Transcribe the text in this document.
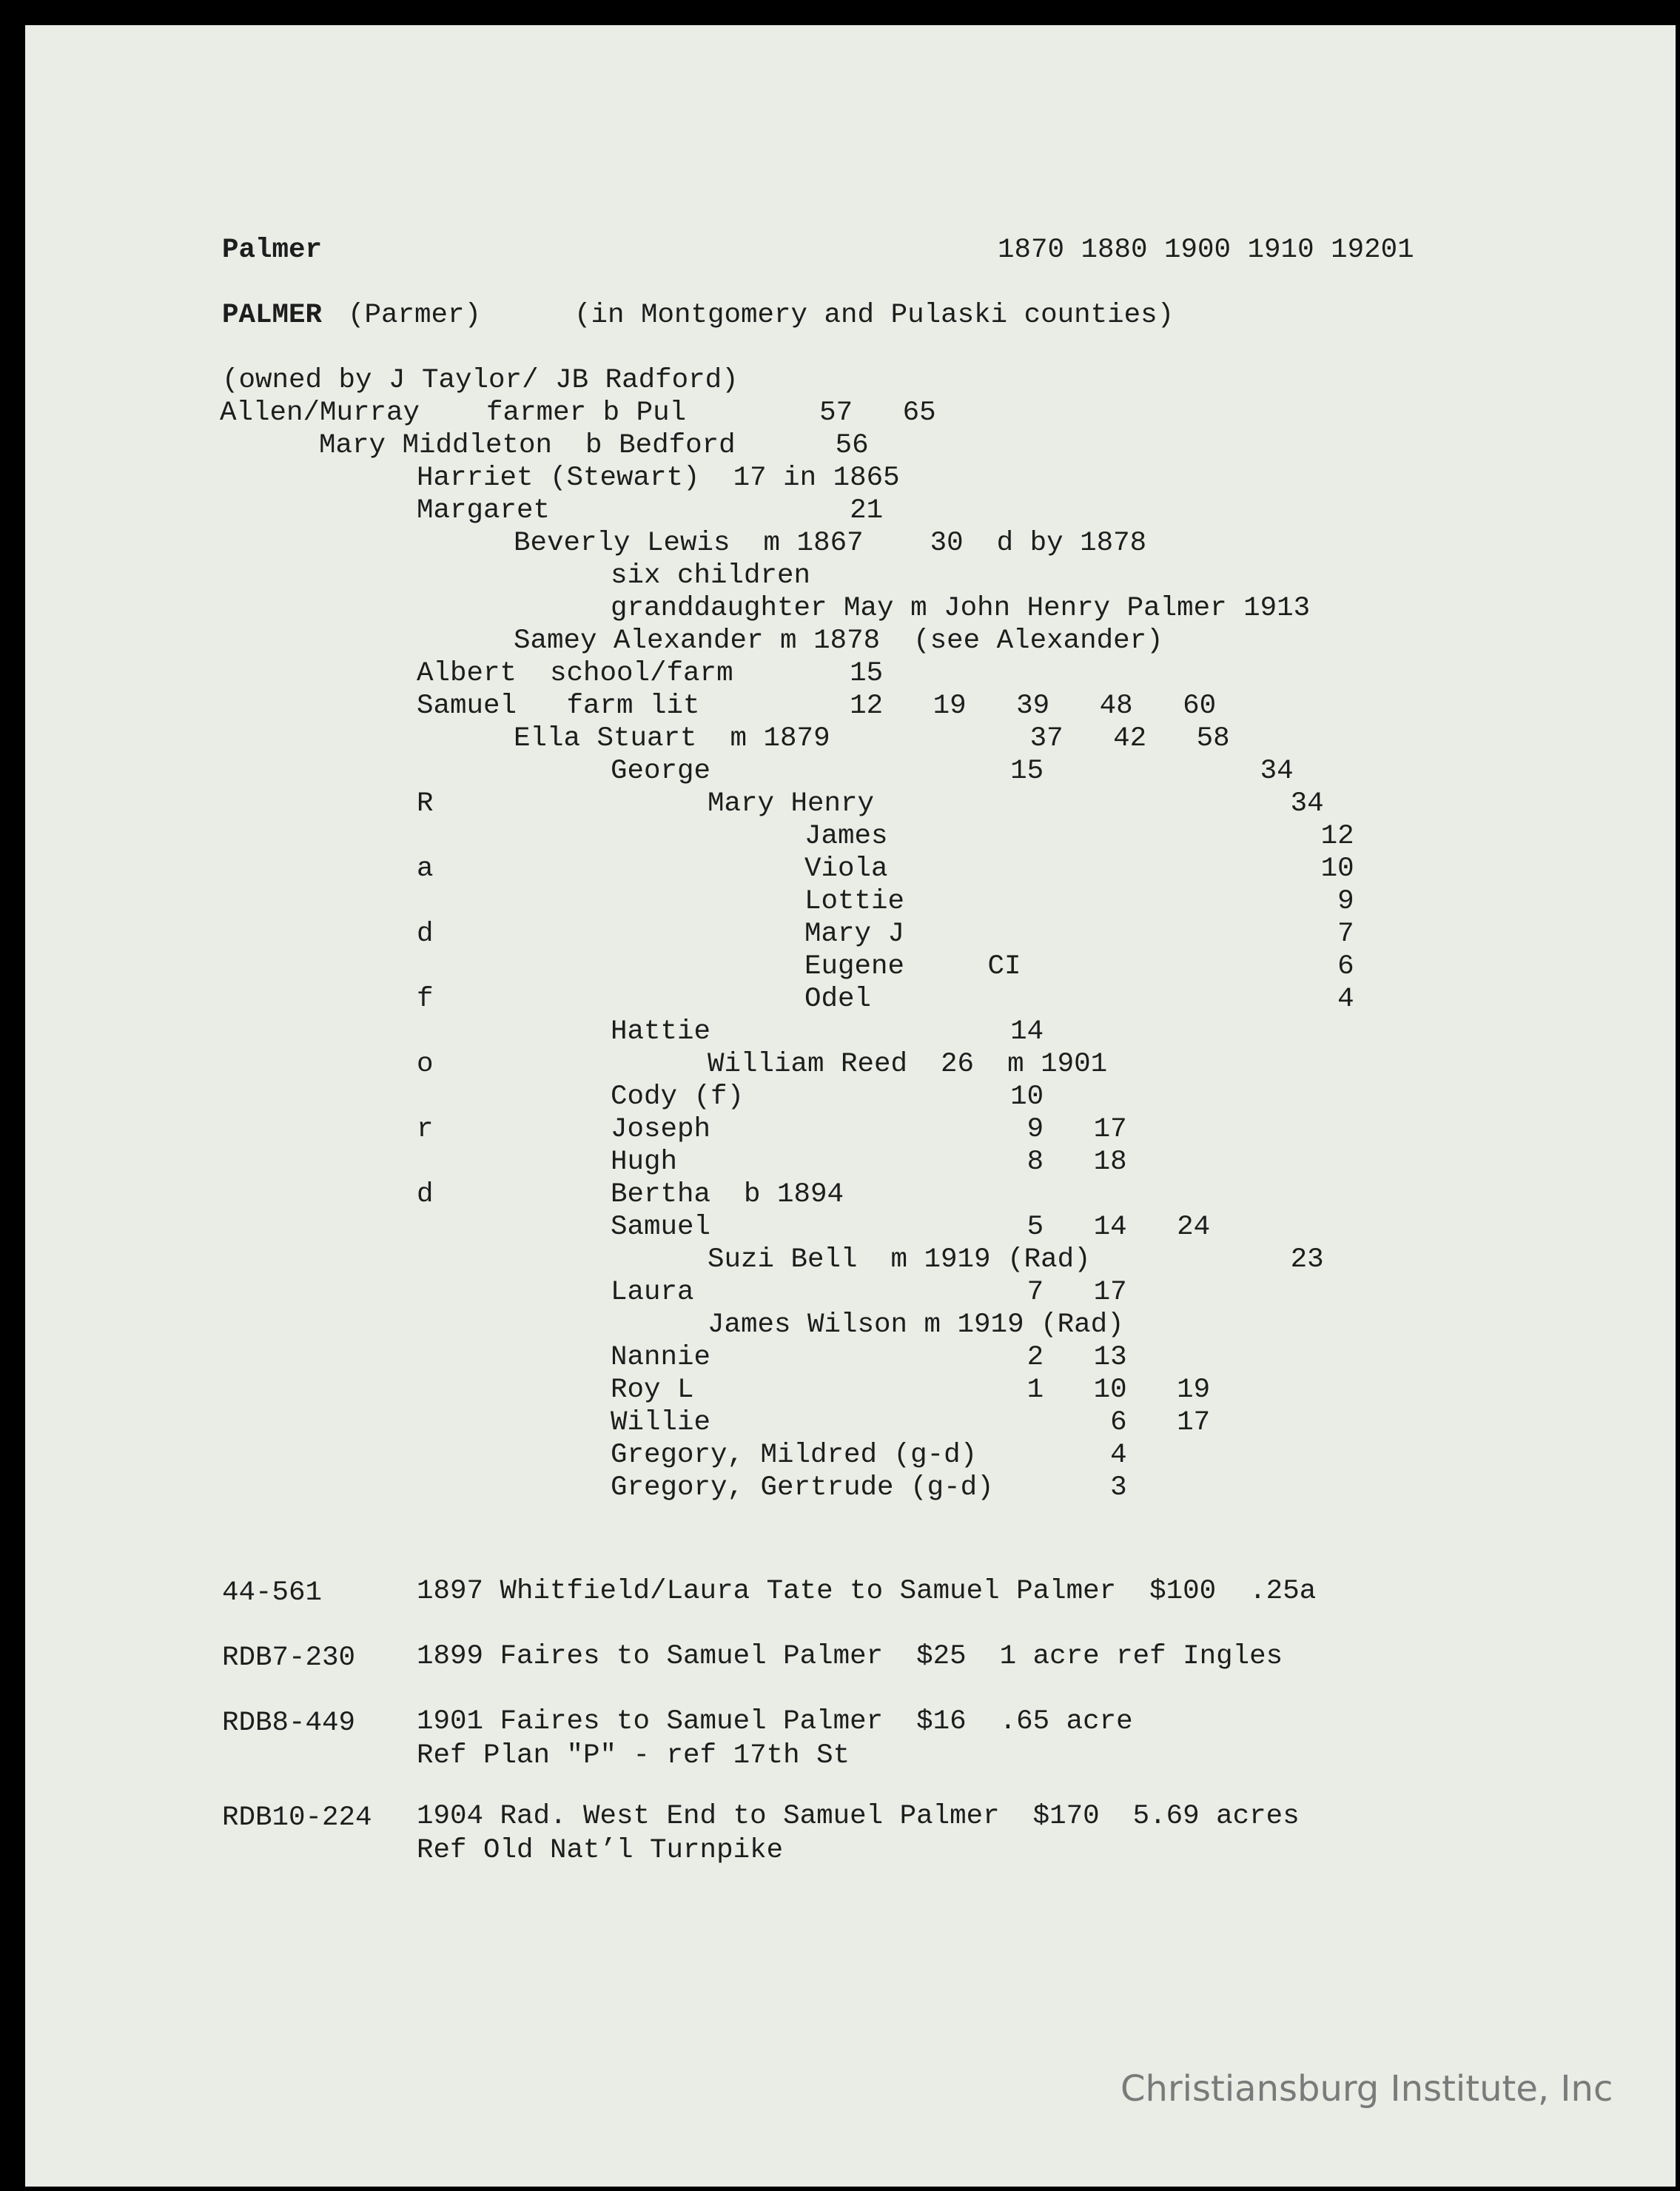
Palmer	1870 1880 1900 1910 19201
PALMER (Parmer)	(in Montgomery and Pulaski counties)
(owned by J Taylor/ JB Radford)
Allen/Murray    farmer b Pul        57   65
Mary Middleton  b Bedford      56
Harriet (Stewart)  17 in 1865
Margaret                  21
Beverly Lewis  m 1867    30  d by 1878
six children
granddaughter May m John Henry Palmer 1913
Samey Alexander m 1878  (see Alexander)
Albert  school/farm       15
Samuel   farm lit         12   19   39   48   60
Ella Stuart  m 1879            37   42   58
George                  15             34
Mary Henry                         34
James                          12
Viola                          10
Lottie                          9
Mary J                          7
Eugene     CI                   6
Odel                            4
Hattie                  14
William Reed  26  m 1901
Cody (f)                10
Joseph                   9   17
Hugh                     8   18
Bertha  b 1894
Samuel                   5   14   24
Suzi Bell  m 1919 (Rad)            23
Laura                    7   17
James Wilson m 1919 (Rad)
Nannie                   2   13
Roy L                    1   10   19
Willie                        6   17
Gregory, Mildred (g-d)        4
Gregory, Gertrude (g-d)       3
R
a
d
f
o
r
d
44-561	1897 Whitfield/Laura Tate to Samuel Palmer  $100  .25a
RDB7-230 1899 Faires to Samuel Palmer  $25  1 acre ref Ingles
RDB8-449 1901 Faires to Samuel Palmer  $16  .65 acre
Ref Plan "P" - ref 17th St
RDB10-224 1904 Rad. West End to Samuel Palmer  $170  5.69 acres
Ref Old Nat’l Turnpike
Christiansburg Institute, Inc
